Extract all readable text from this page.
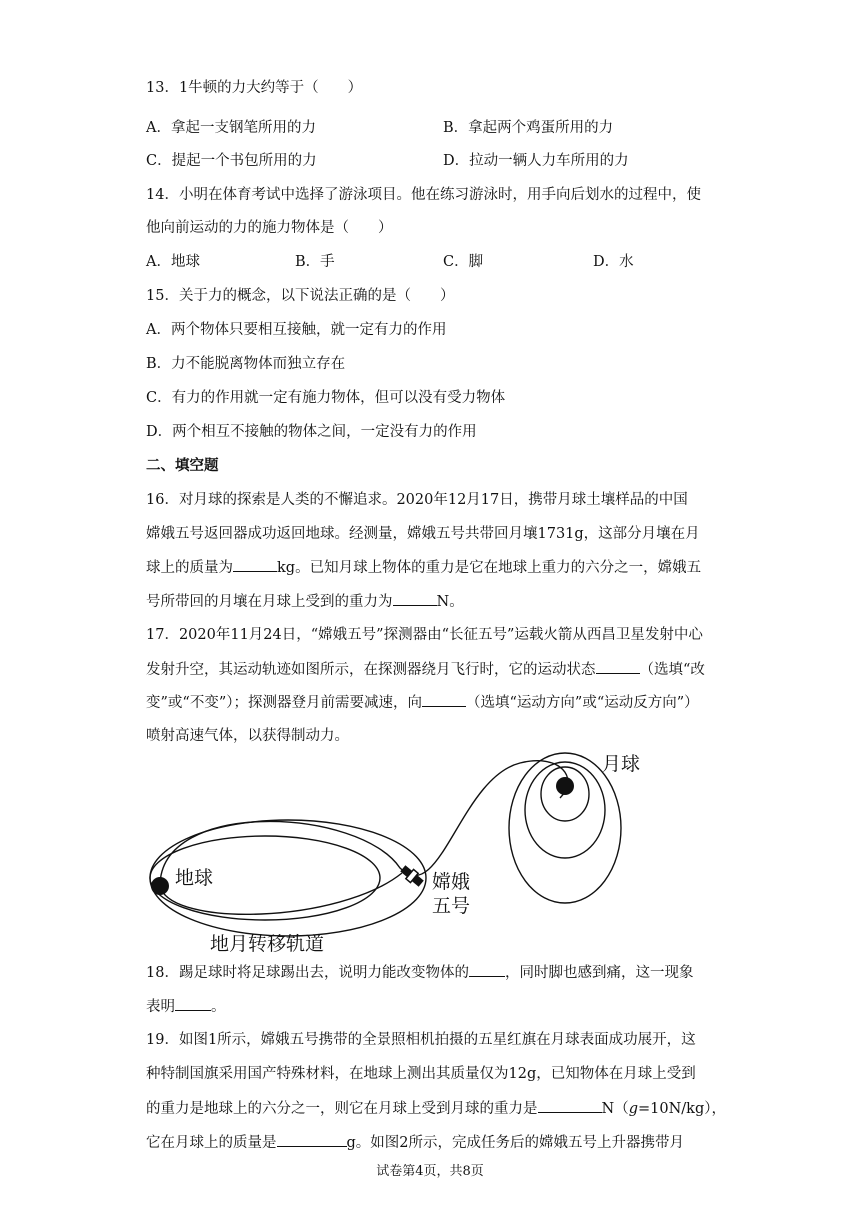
13．1牛顿的力大约等于（　　）
A．拿起一支钢笔所用的力	B．拿起两个鸡蛋所用的力
C．提起一个书包所用的力	D．拉动一辆人力车所用的力
14．小明在体育考试中选择了游泳项目。他在练习游泳时，用手向后划水的过程中，使
他向前运动的力的施力物体是（　　）
A．地球	B．手	C．脚	D．水
15．关于力的概念，以下说法正确的是（　　）
A．两个物体只要相互接触，就一定有力的作用
B．力不能脱离物体而独立存在
C．有力的作用就一定有施力物体，但可以没有受力物体
D．两个相互不接触的物体之间，一定没有力的作用
二、填空题
16．对月球的探索是人类的不懈追求。2020年12月17日，携带月球土壤样品的中国
嫦娥五号返回器成功返回地球。经测量，嫦娥五号共带回月壤1731g，这部分月壤在月
球上的质量为	kg。已知月球上物体的重力是它在地球上重力的六分之一，嫦娥五
号所带回的月壤在月球上受到的重力为	N。
17．2020年11月24日，“嫦娥五号”探测器由“长征五号”运载火箭从西昌卫星发射中心
发射升空，其运动轨迹如图所示，在探测器绕月飞行时，它的运动状态	（选填“改
变”或“不变”）；探测器登月前需要减速，向	（选填“运动方向”或“运动反方向”）
喷射高速气体，以获得制动力。
月球
地球	嫦娥
五号
地月转移轨道
18．踢足球时将足球踢出去，说明力能改变物体的 ，同时脚也感到痛，这一现象
表明 。
19．如图1所示，嫦娥五号携带的全景照相机拍摄的五星红旗在月球表面成功展开，这
种特制国旗采用国产特殊材料，在地球上测出其质量仅为12g，已知物体在月球上受到
的重力是地球上的六分之一，则它在月球上受到月球的重力是	N（g=10N/kg），
它在月球上的质量是	g。如图2所示，完成任务后的嫦娥五号上升器携带月
试卷第4页，共8页
